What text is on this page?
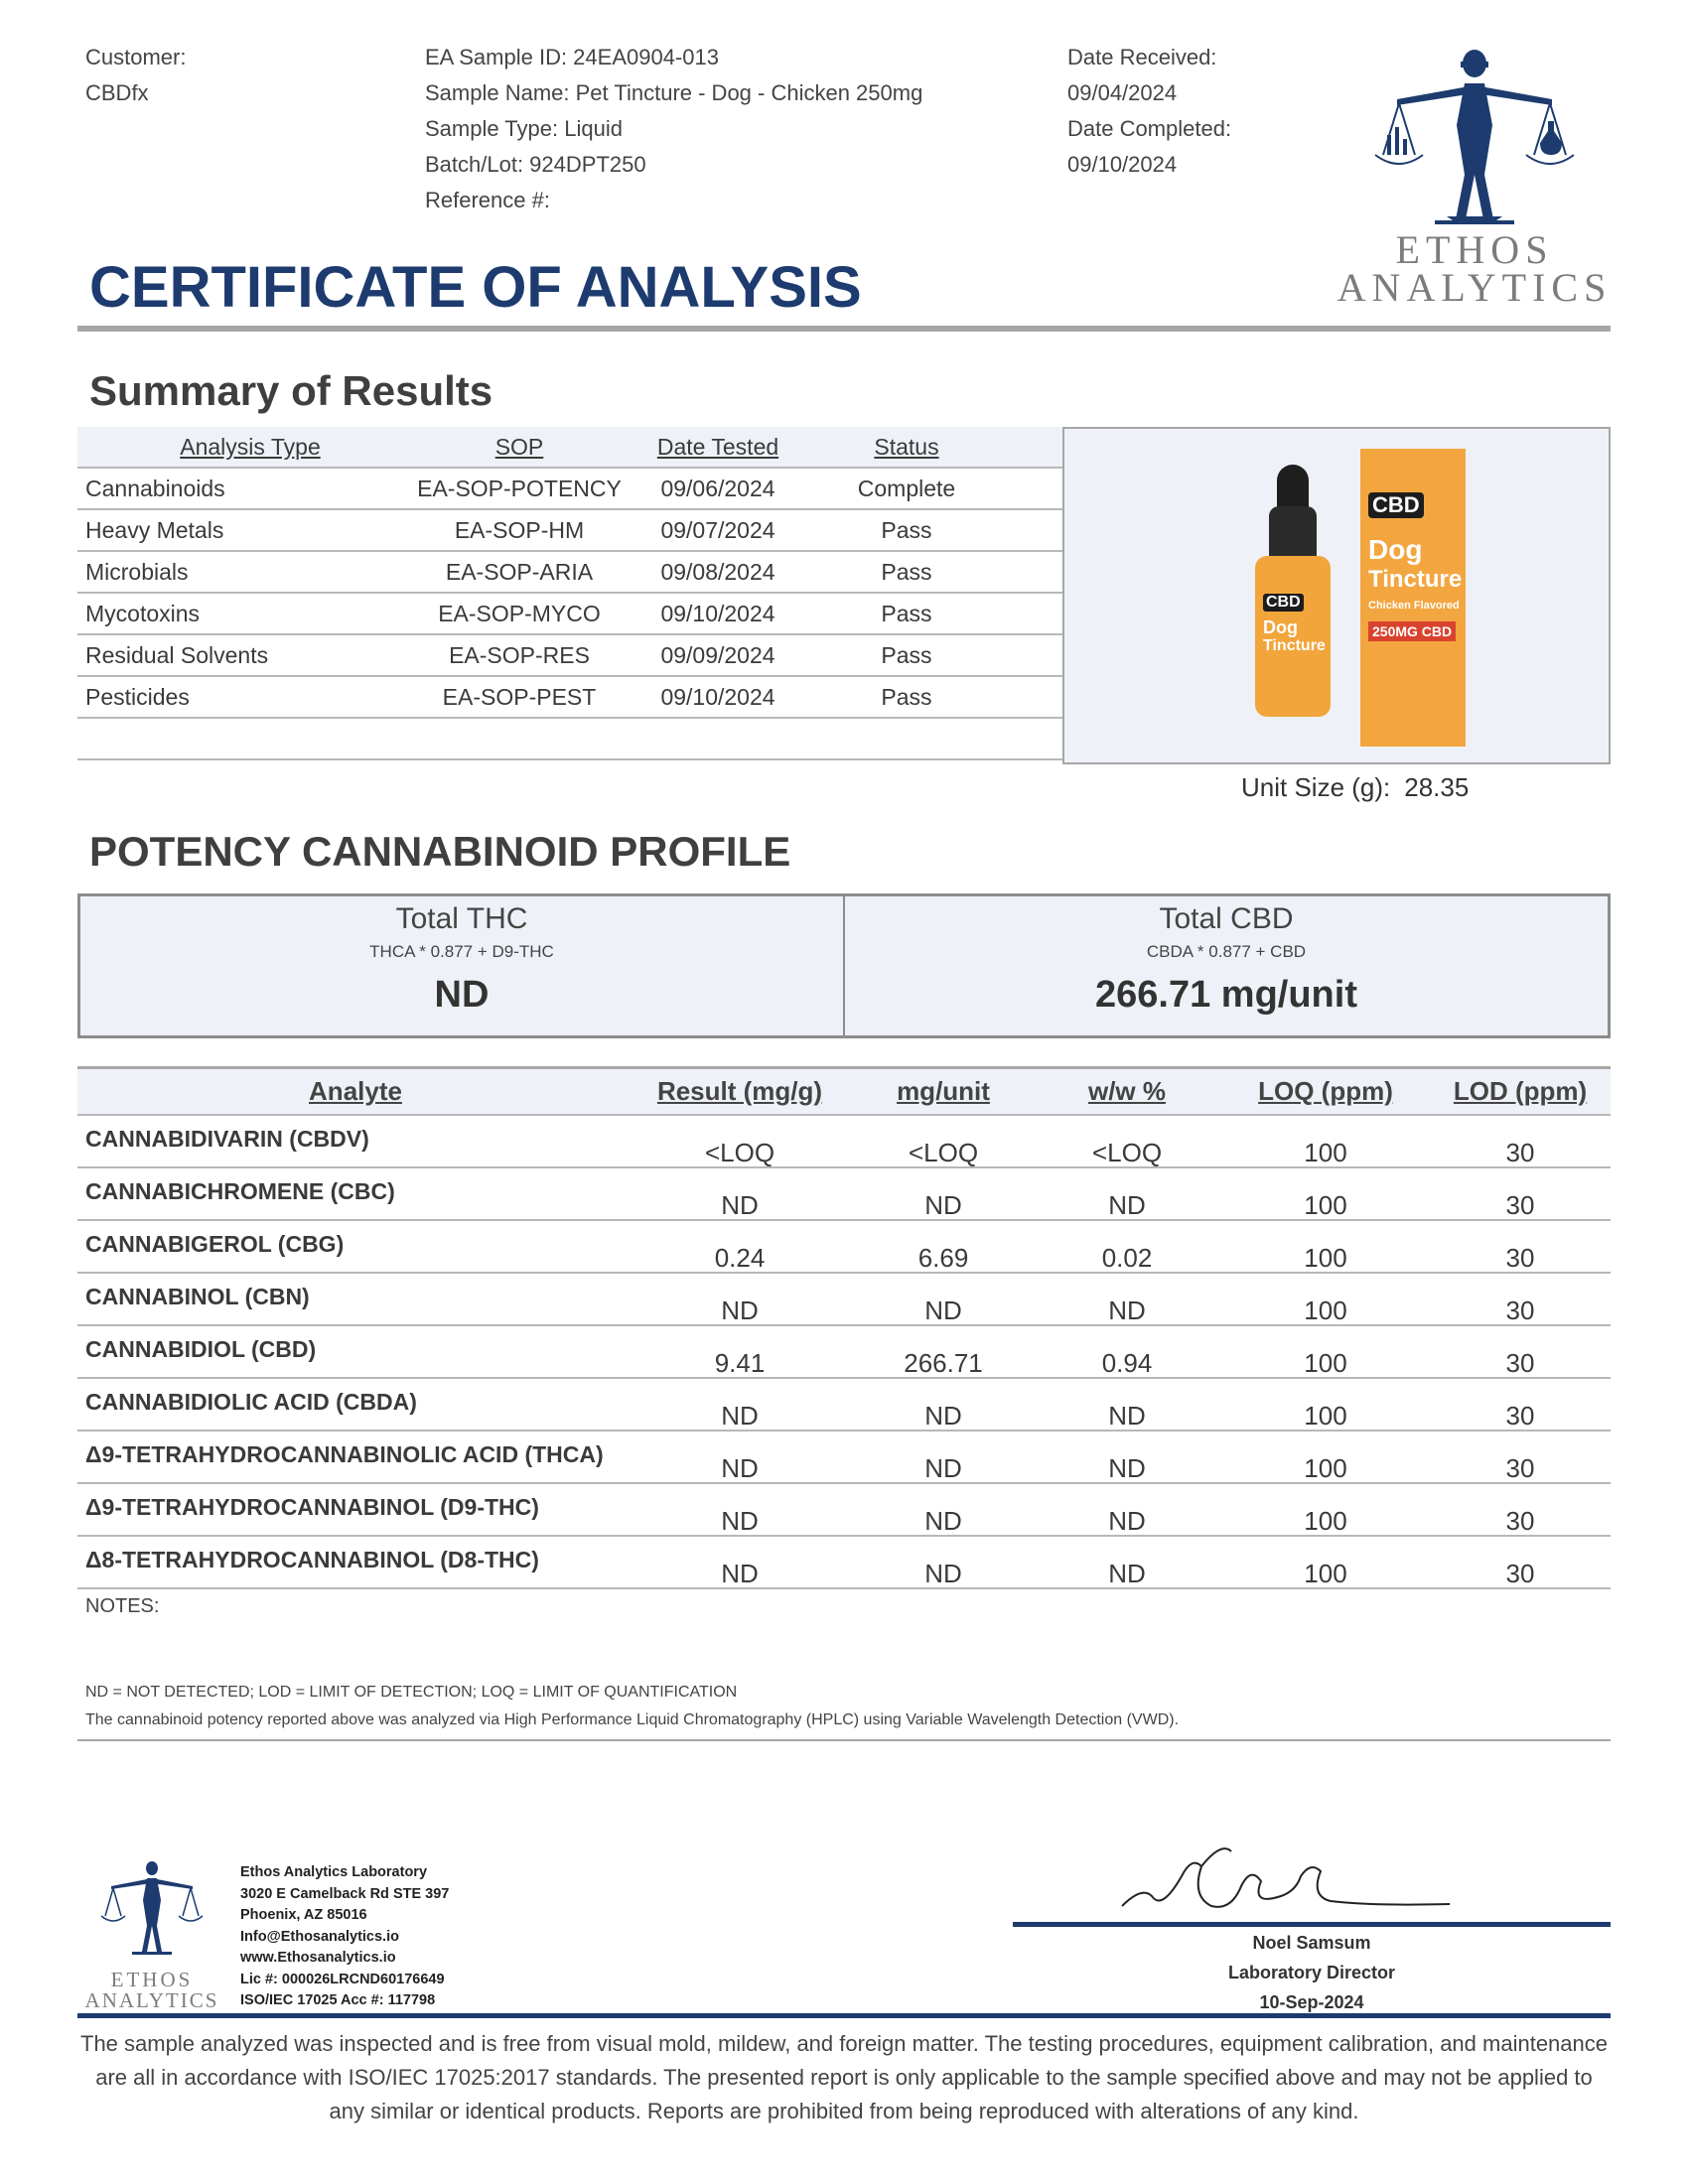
Customer:
CBDfx
EA Sample ID: 24EA0904-013
Sample Name: Pet Tincture - Dog - Chicken 250mg
Sample Type: Liquid
Batch/Lot: 924DPT250
Reference #:
Date Received:
09/04/2024
Date Completed:
09/10/2024
ETHOS
ANALYTICS
CERTIFICATE OF ANALYSIS
Summary of Results
Analysis Type	SOP	Date Tested	Status
Cannabinoids	EA-SOP-POTENCY	09/06/2024	Complete
Heavy Metals	EA-SOP-HM	09/07/2024	Pass
Microbials	EA-SOP-ARIA	09/08/2024	Pass
Mycotoxins	EA-SOP-MYCO	09/10/2024	Pass
Residual Solvents	EA-SOP-RES	09/09/2024	Pass
Pesticides	EA-SOP-PEST	09/10/2024	Pass
CBD
Dog
Tincture
CBD
Dog
Tincture
Chicken Flavored
250MG CBD
Unit Size (g): 28.35
POTENCY CANNABINOID PROFILE
Total THC
THCA * 0.877 + D9-THC
ND
Total CBD
CBDA * 0.877 + CBD
266.71 mg/unit
Analyte	Result (mg/g)	mg/unit	w/w %	LOQ (ppm)	LOD (ppm)
CANNABIDIVARIN (CBDV)	<LOQ	<LOQ	<LOQ	100	30
CANNABICHROMENE (CBC)	ND	ND	ND	100	30
CANNABIGEROL (CBG)	0.24	6.69	0.02	100	30
CANNABINOL (CBN)	ND	ND	ND	100	30
CANNABIDIOL (CBD)	9.41	266.71	0.94	100	30
CANNABIDIOLIC ACID (CBDA)	ND	ND	ND	100	30
Δ9-TETRAHYDROCANNABINOLIC ACID (THCA)	ND	ND	ND	100	30
Δ9-TETRAHYDROCANNABINOL (D9-THC)	ND	ND	ND	100	30
Δ8-TETRAHYDROCANNABINOL (D8-THC)	ND	ND	ND	100	30
NOTES:
ND = NOT DETECTED; LOD = LIMIT OF DETECTION; LOQ = LIMIT OF QUANTIFICATION
The cannabinoid potency reported above was analyzed via High Performance Liquid Chromatography (HPLC) using Variable Wavelength Detection (VWD).
ETHOS
ANALYTICS
Ethos Analytics Laboratory
3020 E Camelback Rd STE 397
Phoenix, AZ 85016
Info@Ethosanalytics.io
www.Ethosanalytics.io
Lic #: 000026LRCND60176649
ISO/IEC 17025 Acc #: 117798
Noel Samsum
Laboratory Director
10-Sep-2024
The sample analyzed was inspected and is free from visual mold, mildew, and foreign matter. The testing procedures, equipment calibration, and maintenance are all in accordance with ISO/IEC 17025:2017 standards. The presented report is only applicable to the sample specified above and may not be applied to any similar or identical products. Reports are prohibited from being reproduced with alterations of any kind.
